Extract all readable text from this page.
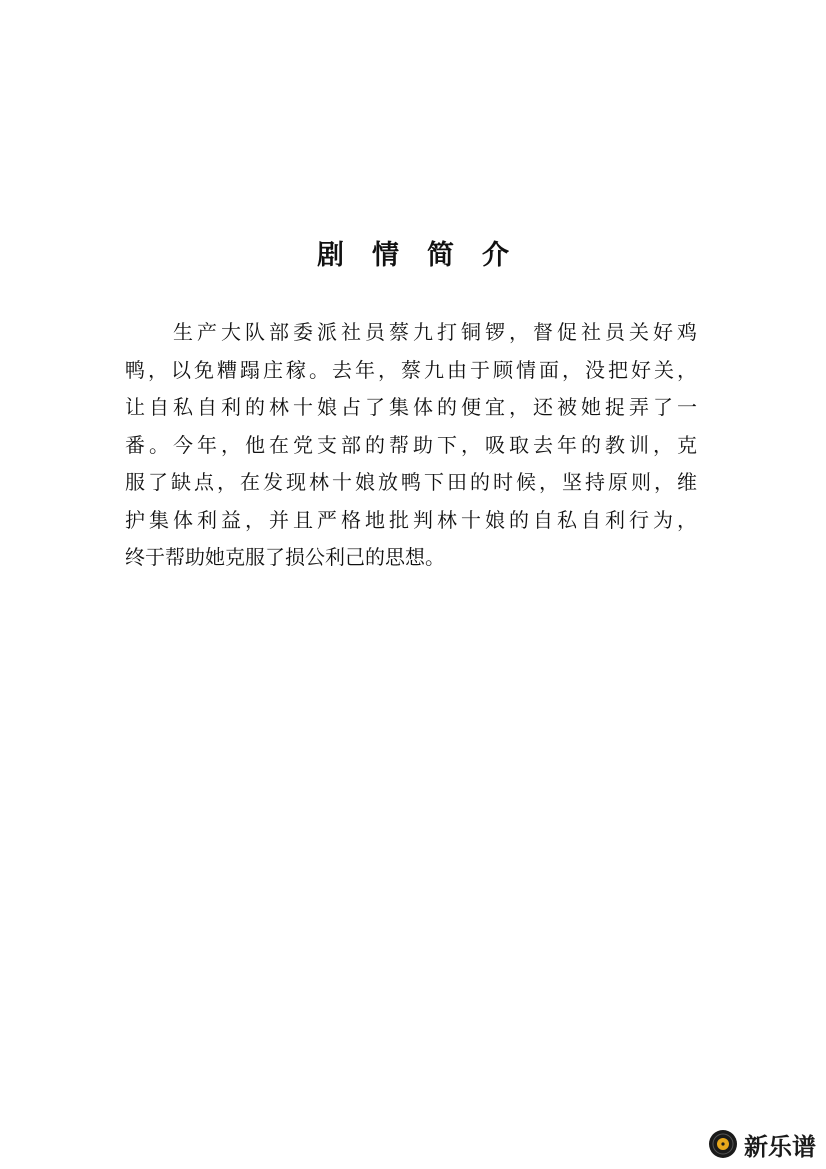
剧情简介
　　生产大队部委派社员蔡九打铜锣，督促社员关好鸡
鸭，以免糟蹋庄稼。去年，蔡九由于顾情面，没把好关，
让自私自利的林十娘占了集体的便宜，还被她捉弄了一
番。今年，他在党支部的帮助下，吸取去年的教训，克
服了缺点，在发现林十娘放鸭下田的时候，坚持原则，维
护集体利益，并且严格地批判林十娘的自私自利行为，
终于帮助她克服了损公利己的思想。
新乐谱
